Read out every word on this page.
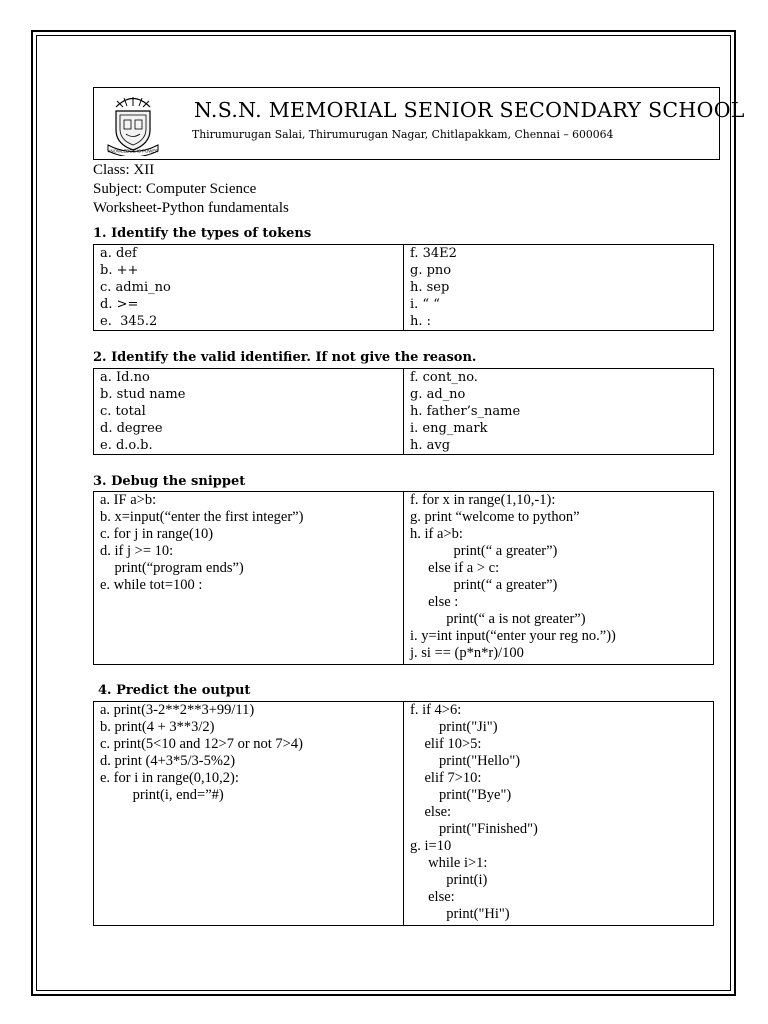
KNOWLEDGE IS POWER
N.S.N. MEMORIAL SENIOR SECONDARY SCHOOL
Thirumurugan Salai, Thirumurugan Nagar, Chitlapakkam, Chennai – 600064
Class: XII
Subject: Computer Science
Worksheet-Python fundamentals
1. Identify the types of tokens
a. def
b. ++
c. admi_no
d. >=
e.  345.2
f. 34E2
g. pno
h. sep
i. “ “
h. :
2. Identify the valid identifier. If not give the reason.
a. Id.no
b. stud name
c. total
d. degree
e. d.o.b.
f. cont_no.
g. ad_no
h. father’s_name
i. eng_mark
h. avg
3. Debug the snippet
a. IF a>b:
b. x=input(“enter the first integer”)
c. for j in range(10)
d. if j >= 10:
print(“program ends”)
e. while tot=100 :
f. for x in range(1,10,-1):
g. print “welcome to python”
h. if a>b:
print(“ a greater”)
else if a > c:
print(“ a greater”)
else :
print(“ a is not greater”)
i. y=int input(“enter your reg no.”))
j. si == (p*n*r)/100
4. Predict the output
a. print(3-2**2**3+99/11)
b. print(4 + 3**3/2)
c. print(5<10 and 12>7 or not 7>4)
d. print (4+3*5/3-5%2)
e. for i in range(0,10,2):
print(i, end=”#)
f. if 4>6:
print("Ji")
elif 10>5:
print("Hello")
elif 7>10:
print("Bye")
else:
print("Finished")
g. i=10
while i>1:
print(i)
else:
print("Hi")
